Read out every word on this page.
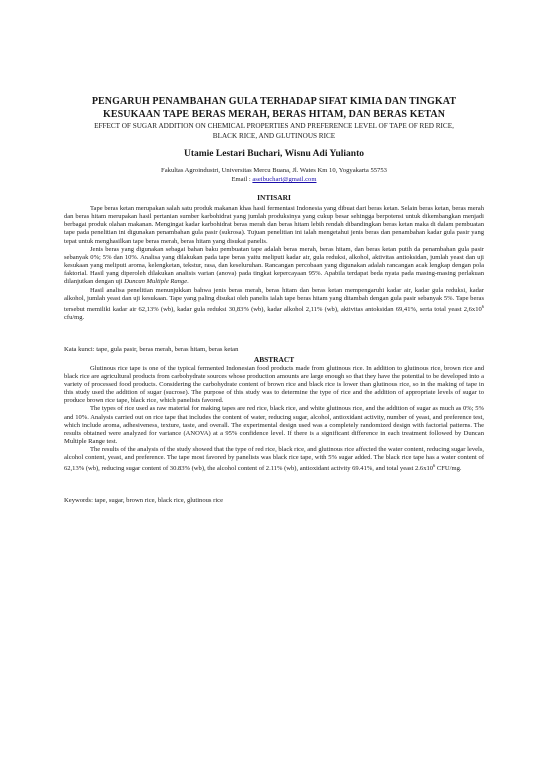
PENGARUH PENAMBAHAN GULA TERHADAP SIFAT KIMIA DAN TINGKAT
KESUKAAN TAPE BERAS MERAH, BERAS HITAM, DAN BERAS KETAN
EFFECT OF SUGAR ADDITION ON CHEMICAL PROPERTIES AND PREFERENCE LEVEL OF TAPE OF RED RICE,
BLACK RICE, AND GLUTINOUS RICE
Utamie Lestari Buchari, Wisnu Adi Yulianto
Fakultas Agroindustri, Universitas Mercu Buana, Jl. Wates Km 10, Yogyakarta 55753
Email : aseibuchari@gmail.com
INTISARI

Tape beras ketan merupakan salah satu produk makanan khas hasil fermentasi Indonesia yang dibuat dari beras ketan. Selain beras ketan, beras merah dan beras hitam merupakan hasil pertanian sumber karbohidrat yang jumlah produksinya yang cukup besar sehingga berpotensi untuk dikembangkan menjadi berbagai produk olahan makanan. Mengingat kadar karbohidrat beras merah dan beras hitam lebih rendah dibandingkan beras ketan maka di dalam pembuatan tape pada penelitian ini digunakan penambahan gula pasir (sukrosa). Tujuan penelitian ini ialah mengetahui jenis beras dan penambahan kadar gula pasir yang tepat untuk menghasilkan tape beras merah, beras hitam yang disukai panelis.

Jenis beras yang digunakan sebagai bahan baku pembuatan tape adalah beras merah, beras hitam, dan beras ketan putih da penambahan gula pasir sebanyak 0%; 5% dan 10%. Analisa yang dilakukan pada tape beras yaitu meliputi kadar air, gula reduksi, alkohol, aktivitas antioksidan, jumlah yeast dan uji kesukaan yang meliputi aroma, kelengketan, tekstur, rasa, dan keseluruhan. Rancangan percobaan yang digunakan adalah rancangan acak lengkap dengan pola faktorial. Hasil yang diperoleh dilakukan analisis varian (anova) pada tingkat kepercayaan 95%. Apabila terdapat beda nyata pada masing-masing perlakuan dilanjutkan dengan uji Duncan Multiple Range.

Hasil analisa penelitian menunjukkan bahwa jenis beras merah, beras hitam dan beras ketan mempengaruhi kadar air, kadar gula reduksi, kadar alkohol, jumlah yeast dan uji kesukaan. Tape yang paling disukai oleh panelis ialah tape beras hitam yang ditambah dengan gula pasir sebanyak 5%. Tape beras tersebut memiliki kadar air 62,13% (wb), kadar gula reduksi 30,83% (wb), kadar alkohol 2,11% (wb), aktivitas antoksidan 69,41%, serta total yeast $2,6x10^6$ cfu/mg.

Kata kunci: tape, gula pasir, beras merah, beras hitam, beras ketan
ABSTRACT

Glutinous rice tape is one of the typical fermented Indonesian food products made from glutinous rice. In addition to glutinous rice, brown rice and black rice are agricultural products from carbohydrate sources whose production amounts are large enough so that they have the potential to be developed into a variety of processed food products. Considering the carbohydrate content of brown rice and black rice is lower than glutinous rice, so in the making of tape in this study used the addition of sugar (sucrose). The purpose of this study was to determine the type of rice and the addition of appropriate levels of sugar to produce brown rice tape, black rice, which panelists favored.

The types of rice used as raw material for making tapes are red rice, black rice, and white glutinous rice, and the addition of sugar as much as 0%; 5% and 10%. Analysis carried out on rice tape that includes the content of water, reducing sugar, alcohol, antioxidant activity, number of yeast, and preference test, which include aroma, adhesiveness, texture, taste, and overall. The experimental design used was a completely randomized design with factorial patterns. The results obtained were analyzed for variance (ANOVA) at a 95% confidence level. If there is a significant difference in each treatment followed by Duncan Multiple Range test.

The results of the analysis of the study showed that the type of red rice, black rice, and glutinous rice affected the water content, reducing sugar levels, alcohol content, yeast, and preference. The tape most favored by panelists was black rice tape, with 5% sugar added. The black rice tape has a water content of 62,13% (wb), reducing sugar content of 30.83% (wb), the alcohol content of 2.11% (wb), antioxidant activity 69.41%, and total yeast $2.6x10^6$ CFU/mg.

Keywords: tape, sugar, brown rice, black rice, glutinous rice
